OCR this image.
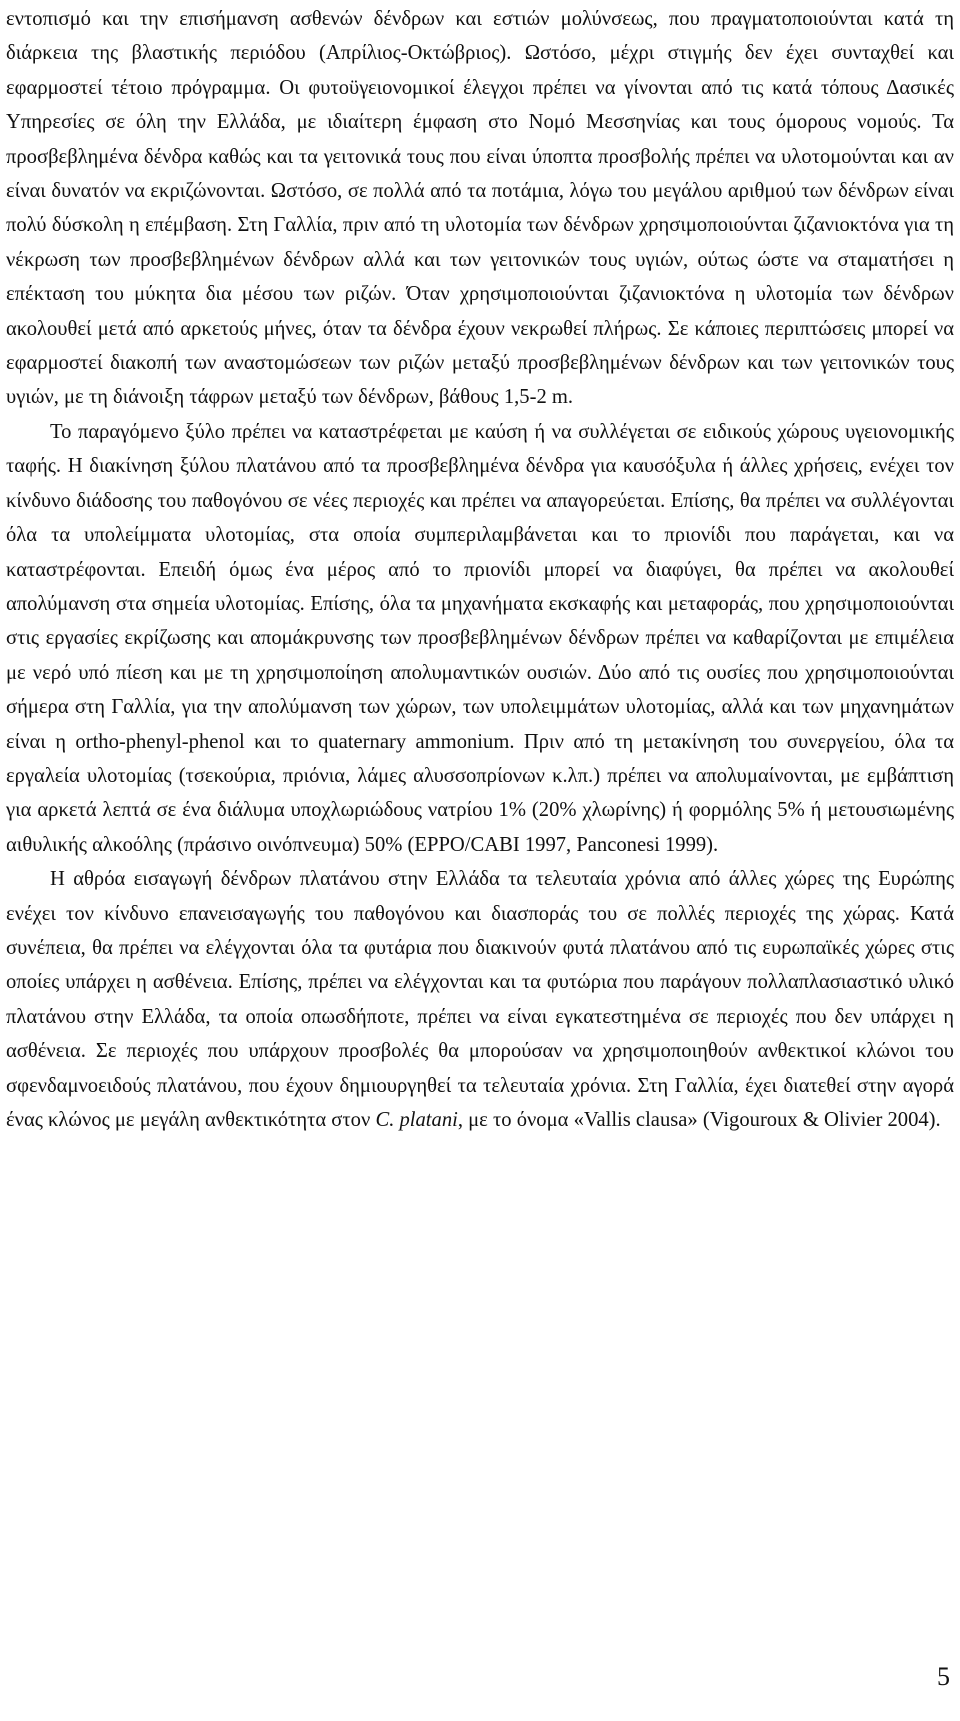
εντοπισμό και την επισήμανση ασθενών δένδρων και εστιών μολύνσεως, που πραγματοποιούνται κατά τη διάρκεια της βλαστικής περιόδου (Απρίλιος-Οκτώβριος). Ωστόσο, μέχρι στιγμής δεν έχει συνταχθεί και εφαρμοστεί τέτοιο πρόγραμμα. Οι φυτοϋγειονομικοί έλεγχοι πρέπει να γίνονται από τις κατά τόπους Δασικές Υπηρεσίες σε όλη την Ελλάδα, με ιδιαίτερη έμφαση στο Νομό Μεσσηνίας και τους όμορους νομούς. Τα προσβεβλημένα δένδρα καθώς και τα γειτονικά τους που είναι ύποπτα προσβολής πρέπει να υλοτομούνται και αν είναι δυνατόν να εκριζώνονται. Ωστόσο, σε πολλά από τα ποτάμια, λόγω του μεγάλου αριθμού των δένδρων είναι πολύ δύσκολη η επέμβαση. Στη Γαλλία, πριν από τη υλοτομία των δένδρων χρησιμοποιούνται ζιζανιοκτόνα για τη νέκρωση των προσβεβλημένων δένδρων αλλά και των γειτονικών τους υγιών, ούτως ώστε να σταματήσει η επέκταση του μύκητα δια μέσου των ριζών. Όταν χρησιμοποιούνται ζιζανιοκτόνα η υλοτομία των δένδρων ακολουθεί μετά από αρκετούς μήνες, όταν τα δένδρα έχουν νεκρωθεί πλήρως. Σε κάποιες περιπτώσεις μπορεί να εφαρμοστεί διακοπή των αναστομώσεων των ριζών μεταξύ προσβεβλημένων δένδρων και των γειτονικών τους υγιών, με τη διάνοιξη τάφρων μεταξύ των δένδρων, βάθους 1,5-2 m.

Το παραγόμενο ξύλο πρέπει να καταστρέφεται με καύση ή να συλλέγεται σε ειδικούς χώρους υγειονομικής ταφής. Η διακίνηση ξύλου πλατάνου από τα προσβεβλημένα δένδρα για καυσόξυλα ή άλλες χρήσεις, ενέχει τον κίνδυνο διάδοσης του παθογόνου σε νέες περιοχές και πρέπει να απαγορεύεται. Επίσης, θα πρέπει να συλλέγονται όλα τα υπολείμματα υλοτομίας, στα οποία συμπεριλαμβάνεται και το πριονίδι που παράγεται, και να καταστρέφονται. Επειδή όμως ένα μέρος από το πριονίδι μπορεί να διαφύγει, θα πρέπει να ακολουθεί απολύμανση στα σημεία υλοτομίας. Επίσης, όλα τα μηχανήματα εκσκαφής και μεταφοράς, που χρησιμοποιούνται στις εργασίες εκρίζωσης και απομάκρυνσης των προσβεβλημένων δένδρων πρέπει να καθαρίζονται με επιμέλεια με νερό υπό πίεση και με τη χρησιμοποίηση απολυμαντικών ουσιών. Δύο από τις ουσίες που χρησιμοποιούνται σήμερα στη Γαλλία, για την απολύμανση των χώρων, των υπολειμμάτων υλοτομίας, αλλά και των μηχανημάτων είναι η ortho-phenyl-phenol και το quaternary ammonium. Πριν από τη μετακίνηση του συνεργείου, όλα τα εργαλεία υλοτομίας (τσεκούρια, πριόνια, λάμες αλυσσοπρίονων κ.λπ.) πρέπει να απολυμαίνονται, με εμβάπτιση για αρκετά λεπτά σε ένα διάλυμα υποχλωριώδους νατρίου 1% (20% χλωρίνης) ή φορμόλης 5% ή μετουσιωμένης αιθυλικής αλκοόλης (πράσινο οινόπνευμα) 50% (EPPO/CABI 1997, Panconesi 1999).

Η αθρόα εισαγωγή δένδρων πλατάνου στην Ελλάδα τα τελευταία χρόνια από άλλες χώρες της Ευρώπης ενέχει τον κίνδυνο επανεισαγωγής του παθογόνου και διασποράς του σε πολλές περιοχές της χώρας. Κατά συνέπεια, θα πρέπει να ελέγχονται όλα τα φυτάρια που διακινούν φυτά πλατάνου από τις ευρωπαϊκές χώρες στις οποίες υπάρχει η ασθένεια. Επίσης, πρέπει να ελέγχονται και τα φυτώρια που παράγουν πολλαπλασιαστικό υλικό πλατάνου στην Ελλάδα, τα οποία οπωσδήποτε, πρέπει να είναι εγκατεστημένα σε περιοχές που δεν υπάρχει η ασθένεια. Σε περιοχές που υπάρχουν προσβολές θα μπορούσαν να χρησιμοποιηθούν ανθεκτικοί κλώνοι του σφενδαμνοειδούς πλατάνου, που έχουν δημιουργηθεί τα τελευταία χρόνια. Στη Γαλλία, έχει διατεθεί στην αγορά ένας κλώνος με μεγάλη ανθεκτικότητα στον C. platani, με το όνομα «Vallis clausa» (Vigouroux & Olivier 2004).

5
